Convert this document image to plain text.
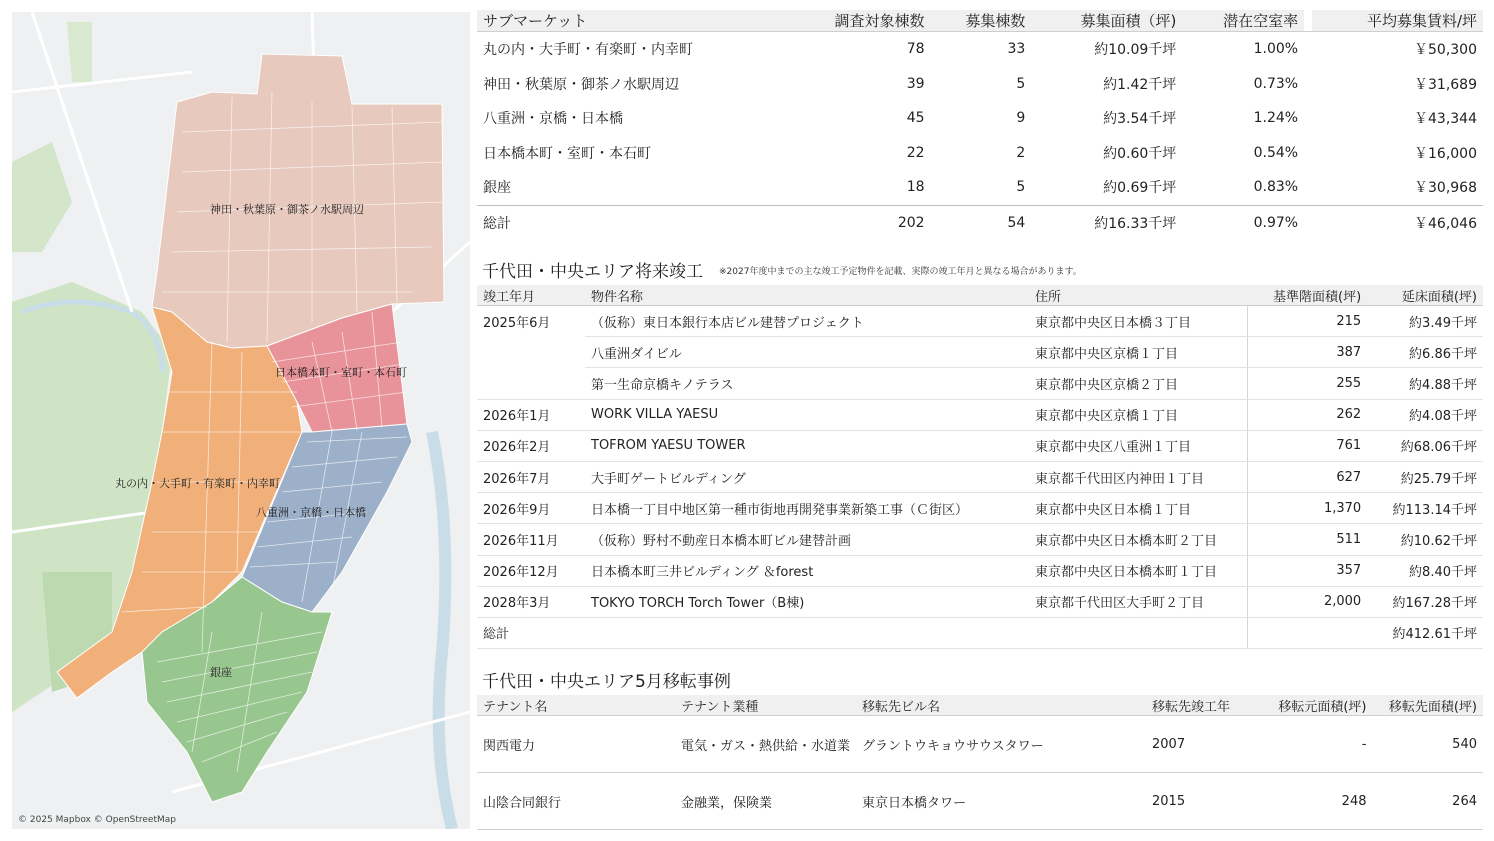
神田・秋葉原・御茶ノ水駅周辺
日本橋本町・室町・本石町
丸の内・大手町・有楽町・内幸町
八重洲・京橋・日本橋
銀座
© 2025 Mapbox © OpenStreetMap
サブマーケット	調査対象棟数	募集棟数	募集面積（坪)	潜在空室率		平均募集賃料/坪
丸の内・大手町・有楽町・内幸町	78	33	約10.09千坪	1.00%		￥50,300
神田・秋葉原・御茶ノ水駅周辺	39	5	約1.42千坪	0.73%		￥31,689
八重洲・京橋・日本橋	45	9	約3.54千坪	1.24%		￥43,344
日本橋本町・室町・本石町	22	2	約0.60千坪	0.54%		￥16,000
銀座	18	5	約0.69千坪	0.83%		￥30,968
総計	202	54	約16.33千坪	0.97%		￥46,046
千代田・中央エリア将来竣工 ※2027年度中までの主な竣工予定物件を記載、実際の竣工年月と異なる場合があります。
竣工年月	物件名称	住所	基準階面積(坪)	延床面積(坪)
2025年6月	（仮称）東日本銀行本店ビル建替プロジェクト	東京都中央区日本橋３丁目	215	約3.49千坪
	八重洲ダイビル	東京都中央区京橋１丁目	387	約6.86千坪
	第一生命京橋キノテラス	東京都中央区京橋２丁目	255	約4.88千坪
2026年1月	WORK VILLA YAESU	東京都中央区京橋１丁目	262	約4.08千坪
2026年2月	TOFROM YAESU TOWER	東京都中央区八重洲１丁目	761	約68.06千坪
2026年7月	大手町ゲートビルディング	東京都千代田区内神田１丁目	627	約25.79千坪
2026年9月	日本橋一丁目中地区第一種市街地再開発事業新築工事（Ｃ街区）	東京都中央区日本橋１丁目	1,370	約113.14千坪
2026年11月	（仮称）野村不動産日本橋本町ビル建替計画	東京都中央区日本橋本町２丁目	511	約10.62千坪
2026年12月	日本橋本町三井ビルディング ＆forest	東京都中央区日本橋本町１丁目	357	約8.40千坪
2028年3月	TOKYO TORCH Torch Tower（B棟)	東京都千代田区大手町２丁目	2,000	約167.28千坪
総計				約412.61千坪
千代田・中央エリア5月移転事例
テナント名	テナント業種	移転先ビル名	移転先竣工年	移転元面積(坪)	移転先面積(坪)
関西電力	電気・ガス・熱供給・水道業	グラントウキョウサウスタワー	2007	-	540
山陰合同銀行	金融業，保険業	東京日本橋タワー	2015	248	264
